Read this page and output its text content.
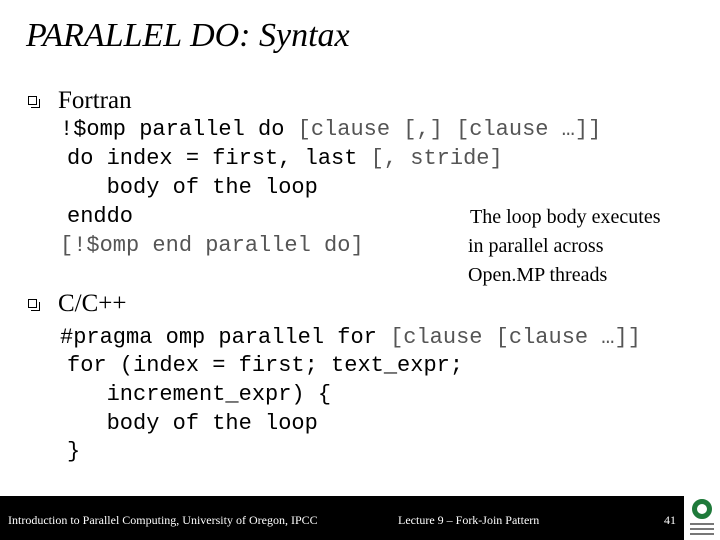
PARALLEL DO: Syntax
Fortran
!$omp parallel do [clause [,] [clause …]]
do index = first, last [, stride]
body of the loop
enddo
[!$omp end parallel do]
The loop body executes
in parallel across
Open.MP threads
C/C++
#pragma omp parallel for [clause [clause …]]
for (index = first; text_expr;
increment_expr) {
body of the loop
}
Introduction to Parallel Computing, University of Oregon, IPCC	Lecture 9 – Fork-Join Pattern	41
